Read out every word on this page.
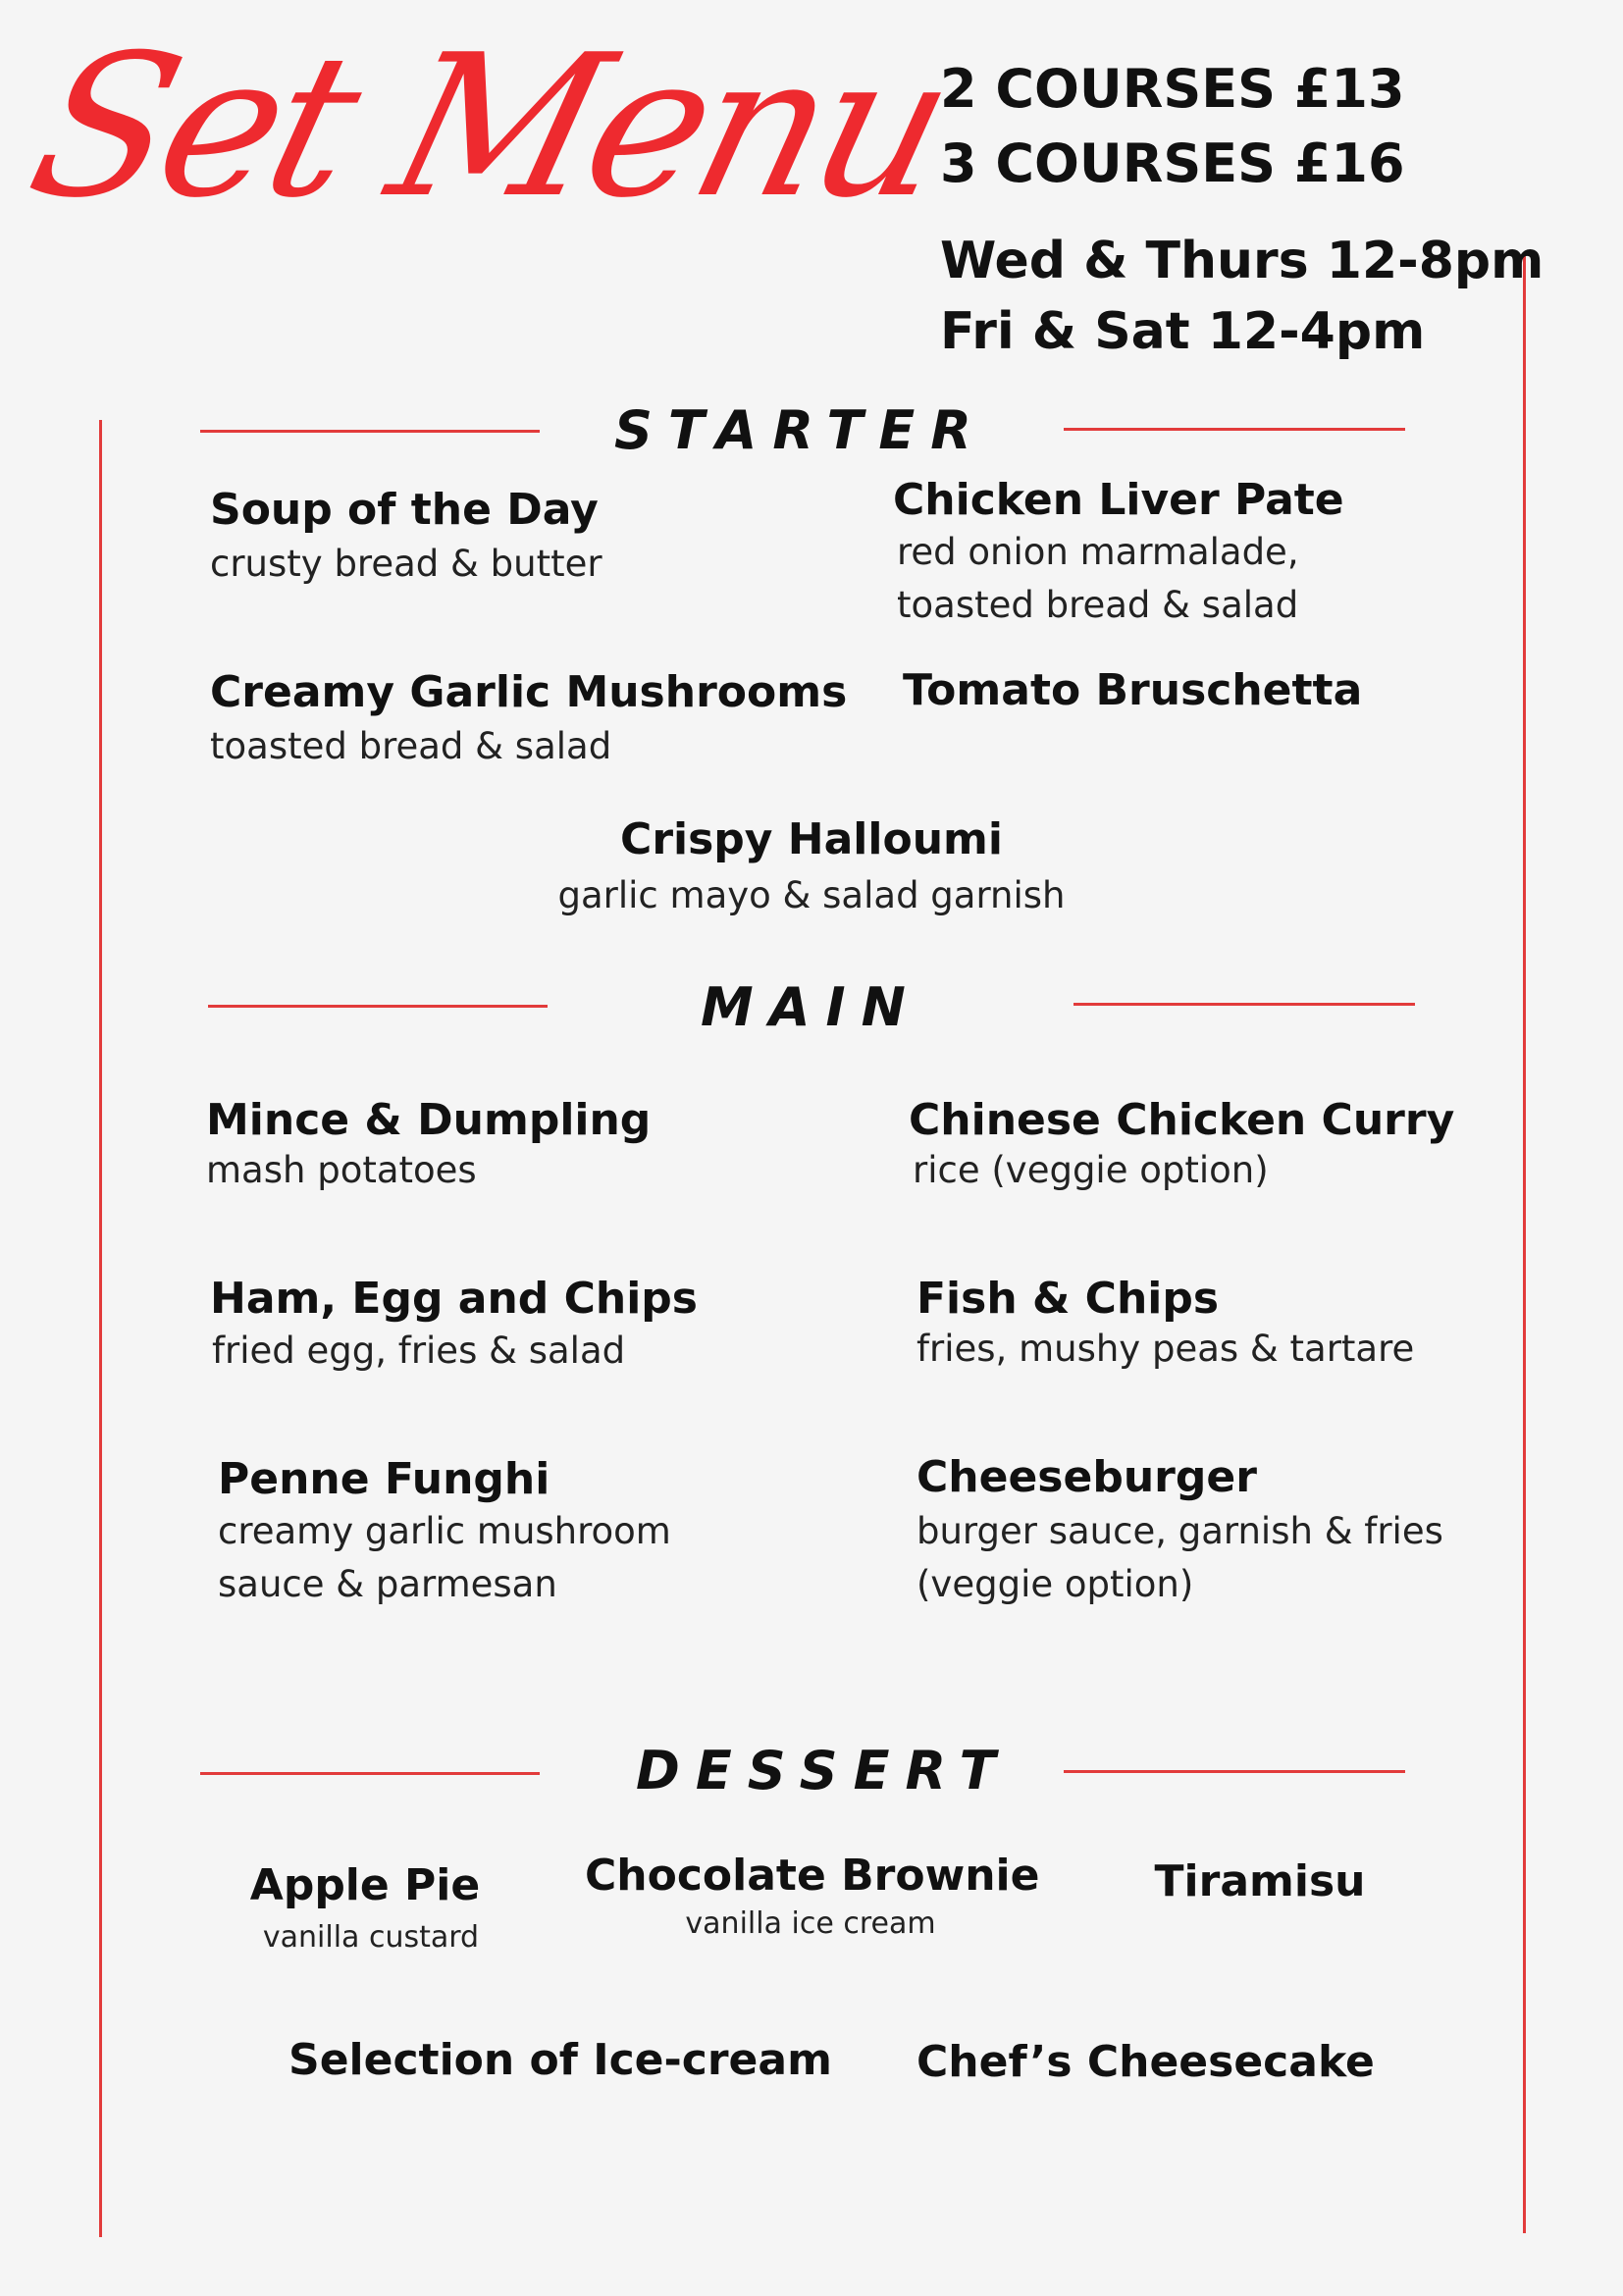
Set Menu
2 COURSES £13
3 COURSES £16
Wed & Thurs 12-8pm
Fri & Sat 12-4pm
STARTER
Soup of the Day
crusty bread & butter
Chicken Liver Pate
red onion marmalade, toasted bread & salad
Creamy Garlic Mushrooms
toasted bread & salad
Tomato Bruschetta
Crispy Halloumi
garlic mayo & salad garnish
MAIN
Mince & Dumpling
mash potatoes
Chinese Chicken Curry
rice (veggie option)
Ham, Egg and Chips
fried egg, fries & salad
Fish & Chips
fries, mushy peas & tartare
Penne Funghi
creamy garlic mushroom sauce & parmesan
Cheeseburger
burger sauce, garnish & fries (veggie option)
DESSERT
Apple Pie
vanilla custard
Chocolate Brownie
vanilla ice cream
Tiramisu
Selection of Ice-cream Chef’s Cheesecake
